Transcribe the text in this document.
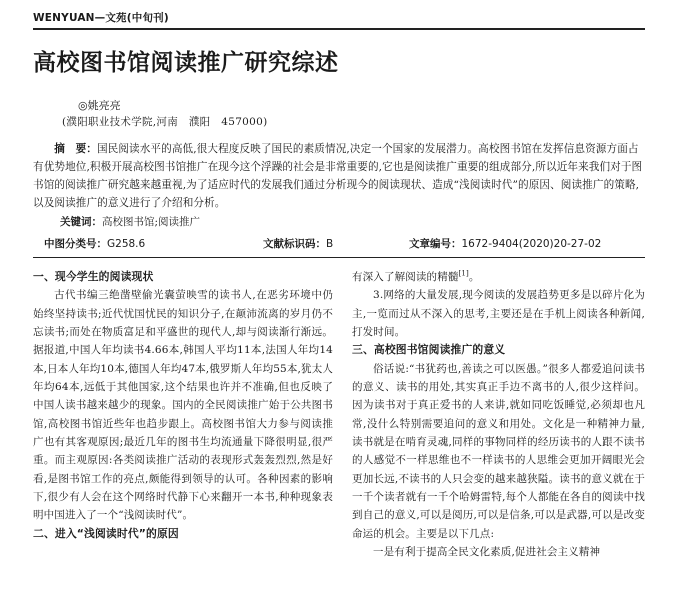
WENYUAN—文苑(中旬刊)
高校图书馆阅读推广研究综述
◎姚亮亮
(濮阳职业技术学院,河南　濮阳　457000)
摘　要：国民阅读水平的高低,很大程度反映了国民的素质情况,决定一个国家的发展潜力。高校图书馆在发挥信息资源方面占有优势地位,积极开展高校图书馆推广在现今这个浮躁的社会是非常重要的,它也是阅读推广重要的组成部分,所以近年来我们对于图书馆的阅读推广研究越来越重视,为了适应时代的发展我们通过分析现今的阅读现状、造成“浅阅读时代”的原因、阅读推广的策略,以及阅读推广的意义进行了介绍和分析。
关键词：高校图书馆;阅读推广
中图分类号：G258.6	文献标识码：B	文章编号：1672-9404(2020)20-27-02
一、现今学生的阅读现状

古代书编三绝凿壁偷光囊萤映雪的读书人,在恶劣环境中仍始终坚持读书;近代忧国忧民的知识分子,在颠沛流离的岁月仍不忘读书;而处在物质富足和平盛世的现代人,却与阅读渐行渐远。据报道,中国人年均读书4.66本,韩国人平均11本,法国人年均14本,日本人年均10本,德国人年均47本,俄罗斯人年均55本,犹太人年均64本,远低于其他国家,这个结果也许并不准确,但也反映了中国人读书越来越少的现象。国内的全民阅读推广始于公共图书馆,高校图书馆近些年也趋步跟上。高校图书馆大力参与阅读推广也有其客观原因;最近几年的图书生均流通量下降很明显,很严重。而主观原因:各类阅读推广活动的表现形式轰轰烈烈,然是好看,是图书馆工作的亮点,颇能得到领导的认可。各种因素的影响下,很少有人会在这个网络时代静下心来翻开一本书,种种现象表明中国进入了一个“浅阅读时代”。

二、进入“浅阅读时代”的原因

有深入了解阅读的精髓[1]。

3.网络的大量发展,现今阅读的发展趋势更多是以碎片化为主,一览而过从不深入的思考,主要还是在手机上阅读各种新闻,打发时间。

三、高校图书馆阅读推广的意义

俗话说:“书犹药也,善读之可以医愚。”很多人都爱追问读书的意义、读书的用处,其实真正手边不离书的人,很少这样问。因为读书对于真正爱书的人来讲,就如同吃饭睡觉,必须却也凡常,没什么特别需要追问的意义和用处。文化是一种精神力量,读书就是在啃育灵魂,同样的事物同样的经历读书的人跟不读书的人感觉不一样思维也不一样读书的人思维会更加开阔眼光会更加长远,不读书的人只会变的越来越狭隘。读书的意义就在于一千个读者就有一千个哈姆雷特,每个人都能在各自的阅读中找到自己的意义,可以是阅历,可以是信条,可以是武器,可以是改变命运的机会。主要是以下几点:

一是有利于提高全民文化素质,促进社会主义精神
